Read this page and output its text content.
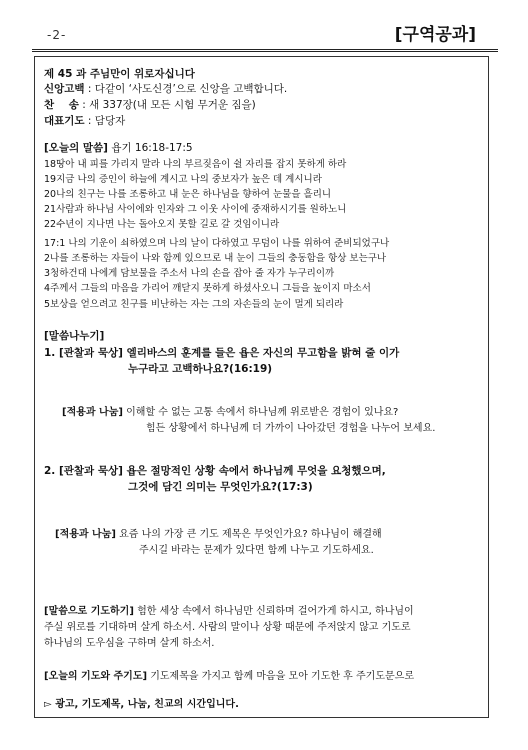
-2-	[구역공과]
제 45 과 주님만이 위로자십니다
신앙고백 : 다같이 ‘사도신경’으로 신앙을 고백합니다.
찬    송 : 새 337장(내 모든 시험 무거운 짐을)
대표기도 : 담당자
[오늘의 말씀] 욥기 16:18-17:5
18땅아 내 피를 가리지 말라 나의 부르짖음이 쉴 자리를 잡지 못하게 하라
19지금 나의 증인이 하늘에 계시고 나의 중보자가 높은 데 계시니라
20나의 친구는 나를 조롱하고 내 눈은 하나님을 향하여 눈물을 흘리니
21사람과 하나님 사이에와 인자와 그 이웃 사이에 중재하시기를 원하노니
22수년이 지나면 나는 돌아오지 못할 길로 갈 것임이니라
17:1 나의 기운이 쇠하였으며 나의 날이 다하였고 무덤이 나를 위하여 준비되었구나
2나를 조롱하는 자들이 나와 함께 있으므로 내 눈이 그들의 충동함을 항상 보는구나
3청하건대 나에게 담보물을 주소서 나의 손을 잡아 줄 자가 누구리이까
4주께서 그들의 마음을 가리어 깨닫지 못하게 하셨사오니 그들을 높이지 마소서
5보상을 얻으려고 친구를 비난하는 자는 그의 자손들의 눈이 멀게 되리라
[말씀나누기]
1. [관찰과 묵상] 엘리바스의 훈계를 들은 욥은 자신의 무고함을 밝혀 줄 이가
누구라고 고백하나요?(16:19)
[적용과 나눔] 이해할 수 없는 고통 속에서 하나님께 위로받은 경험이 있나요?
힘든 상황에서 하나님께 더 가까이 나아갔던 경험을 나누어 보세요.
2. [관찰과 묵상] 욥은 절망적인 상황 속에서 하나님께 무엇을 요청했으며,
그것에 담긴 의미는 무엇인가요?(17:3)
[적용과 나눔] 요즘 나의 가장 큰 기도 제목은 무엇인가요? 하나님이 해결해
주시길 바라는 문제가 있다면 함께 나누고 기도하세요.
[말씀으로 기도하기] 험한 세상 속에서 하나님만 신뢰하며 걸어가게 하시고, 하나님이
주실 위로를 기대하며 살게 하소서. 사람의 말이나 상황 때문에 주저앉지 않고 기도로
하나님의 도우심을 구하며 살게 하소서.
[오늘의 기도와 주기도] 기도제목을 가지고 함께 마음을 모아 기도한 후 주기도문으로
▻ 광고, 기도제목, 나눔, 친교의 시간입니다.
